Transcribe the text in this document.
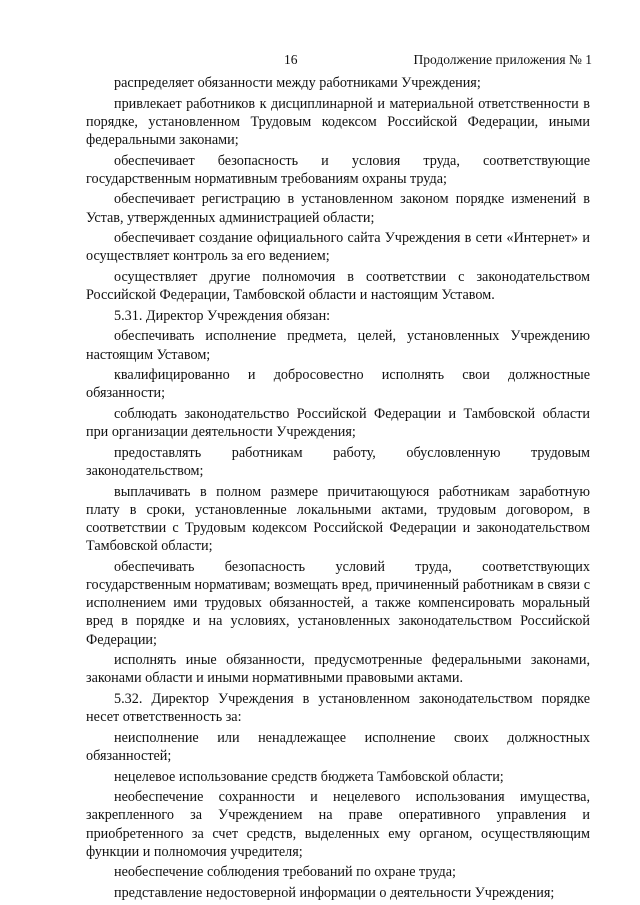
16	Продолжение приложения № 1

распределяет обязанности между работниками Учреждения;

привлекает работников к дисциплинарной и материальной ответственности в порядке, установленном Трудовым кодексом Российской Федерации, иными федеральными законами;

обеспечивает безопасность и условия труда, соответствующие государственным нормативным требованиям охраны труда;

обеспечивает регистрацию в установленном законом порядке изменений в Устав, утвержденных администрацией области;

обеспечивает создание официального сайта Учреждения в сети «Интернет» и осуществляет контроль за его ведением;

осуществляет другие полномочия в соответствии с законодательством Российской Федерации, Тамбовской области и настоящим Уставом.

5.31. Директор Учреждения обязан:

обеспечивать исполнение предмета, целей, установленных Учреждению настоящим Уставом;

квалифицированно и добросовестно исполнять свои должностные обязанности;

соблюдать законодательство Российской Федерации и Тамбовской области при организации деятельности Учреждения;

предоставлять работникам работу, обусловленную трудовым законодательством;

выплачивать в полном размере причитающуюся работникам заработную плату в сроки, установленные локальными актами, трудовым договором, в соответствии с Трудовым кодексом Российской Федерации и законодательством Тамбовской области;

обеспечивать безопасность условий труда, соответствующих государственным нормативам; возмещать вред, причиненный работникам в связи с исполнением ими трудовых обязанностей, а также компенсировать моральный вред в порядке и на условиях, установленных законодательством Российской Федерации;

исполнять иные обязанности, предусмотренные федеральными законами, законами области и иными нормативными правовыми актами.

5.32. Директор Учреждения в установленном законодательством порядке несет ответственность за:

неисполнение или ненадлежащее исполнение своих должностных обязанностей;

нецелевое использование средств бюджета Тамбовской области;

необеспечение сохранности и нецелевого использования имущества, закрепленного за Учреждением на праве оперативного управления и приобретенного за счет средств, выделенных ему органом, осуществляющим функции и полномочия учредителя;

необеспечение соблюдения требований по охране труда;

представление недостоверной информации о деятельности Учреждения;
